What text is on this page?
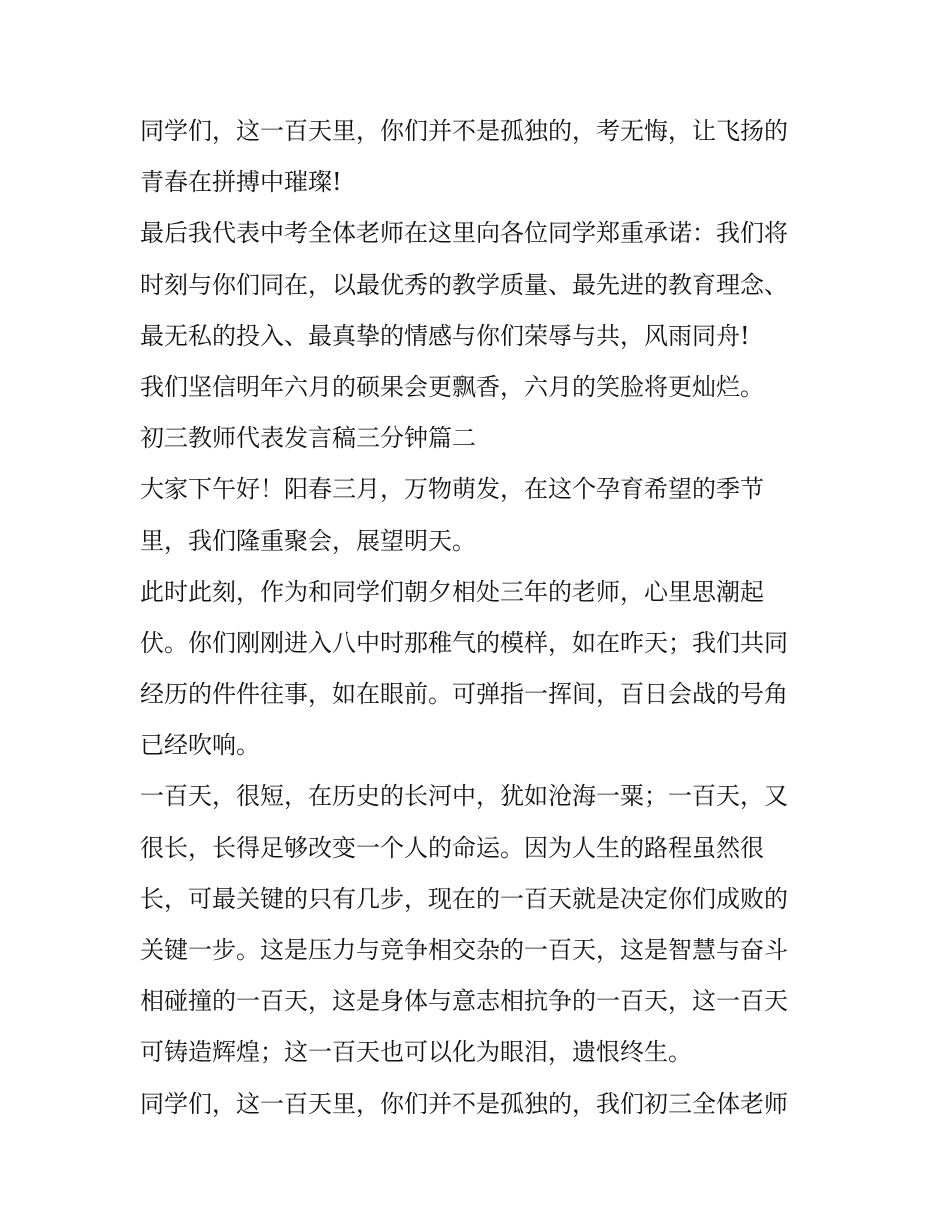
同学们，这一百天里，你们并不是孤独的，考无悔，让飞扬的
青春在拼搏中璀璨!
最后我代表中考全体老师在这里向各位同学郑重承诺：我们将
时刻与你们同在，以最优秀的教学质量、最先进的教育理念、
最无私的投入、最真挚的情感与你们荣辱与共，风雨同舟!
我们坚信明年六月的硕果会更飘香，六月的笑脸将更灿烂。
初三教师代表发言稿三分钟篇二
大家下午好！阳春三月，万物萌发，在这个孕育希望的季节
里，我们隆重聚会，展望明天。
此时此刻，作为和同学们朝夕相处三年的老师，心里思潮起
伏。你们刚刚进入八中时那稚气的模样，如在昨天；我们共同
经历的件件往事，如在眼前。可弹指一挥间，百日会战的号角
已经吹响。
一百天，很短，在历史的长河中，犹如沧海一粟；一百天，又
很长，长得足够改变一个人的命运。因为人生的路程虽然很
长，可最关键的只有几步，现在的一百天就是决定你们成败的
关键一步。这是压力与竞争相交杂的一百天，这是智慧与奋斗
相碰撞的一百天，这是身体与意志相抗争的一百天，这一百天
可铸造辉煌；这一百天也可以化为眼泪，遗恨终生。
同学们，这一百天里，你们并不是孤独的，我们初三全体老师
